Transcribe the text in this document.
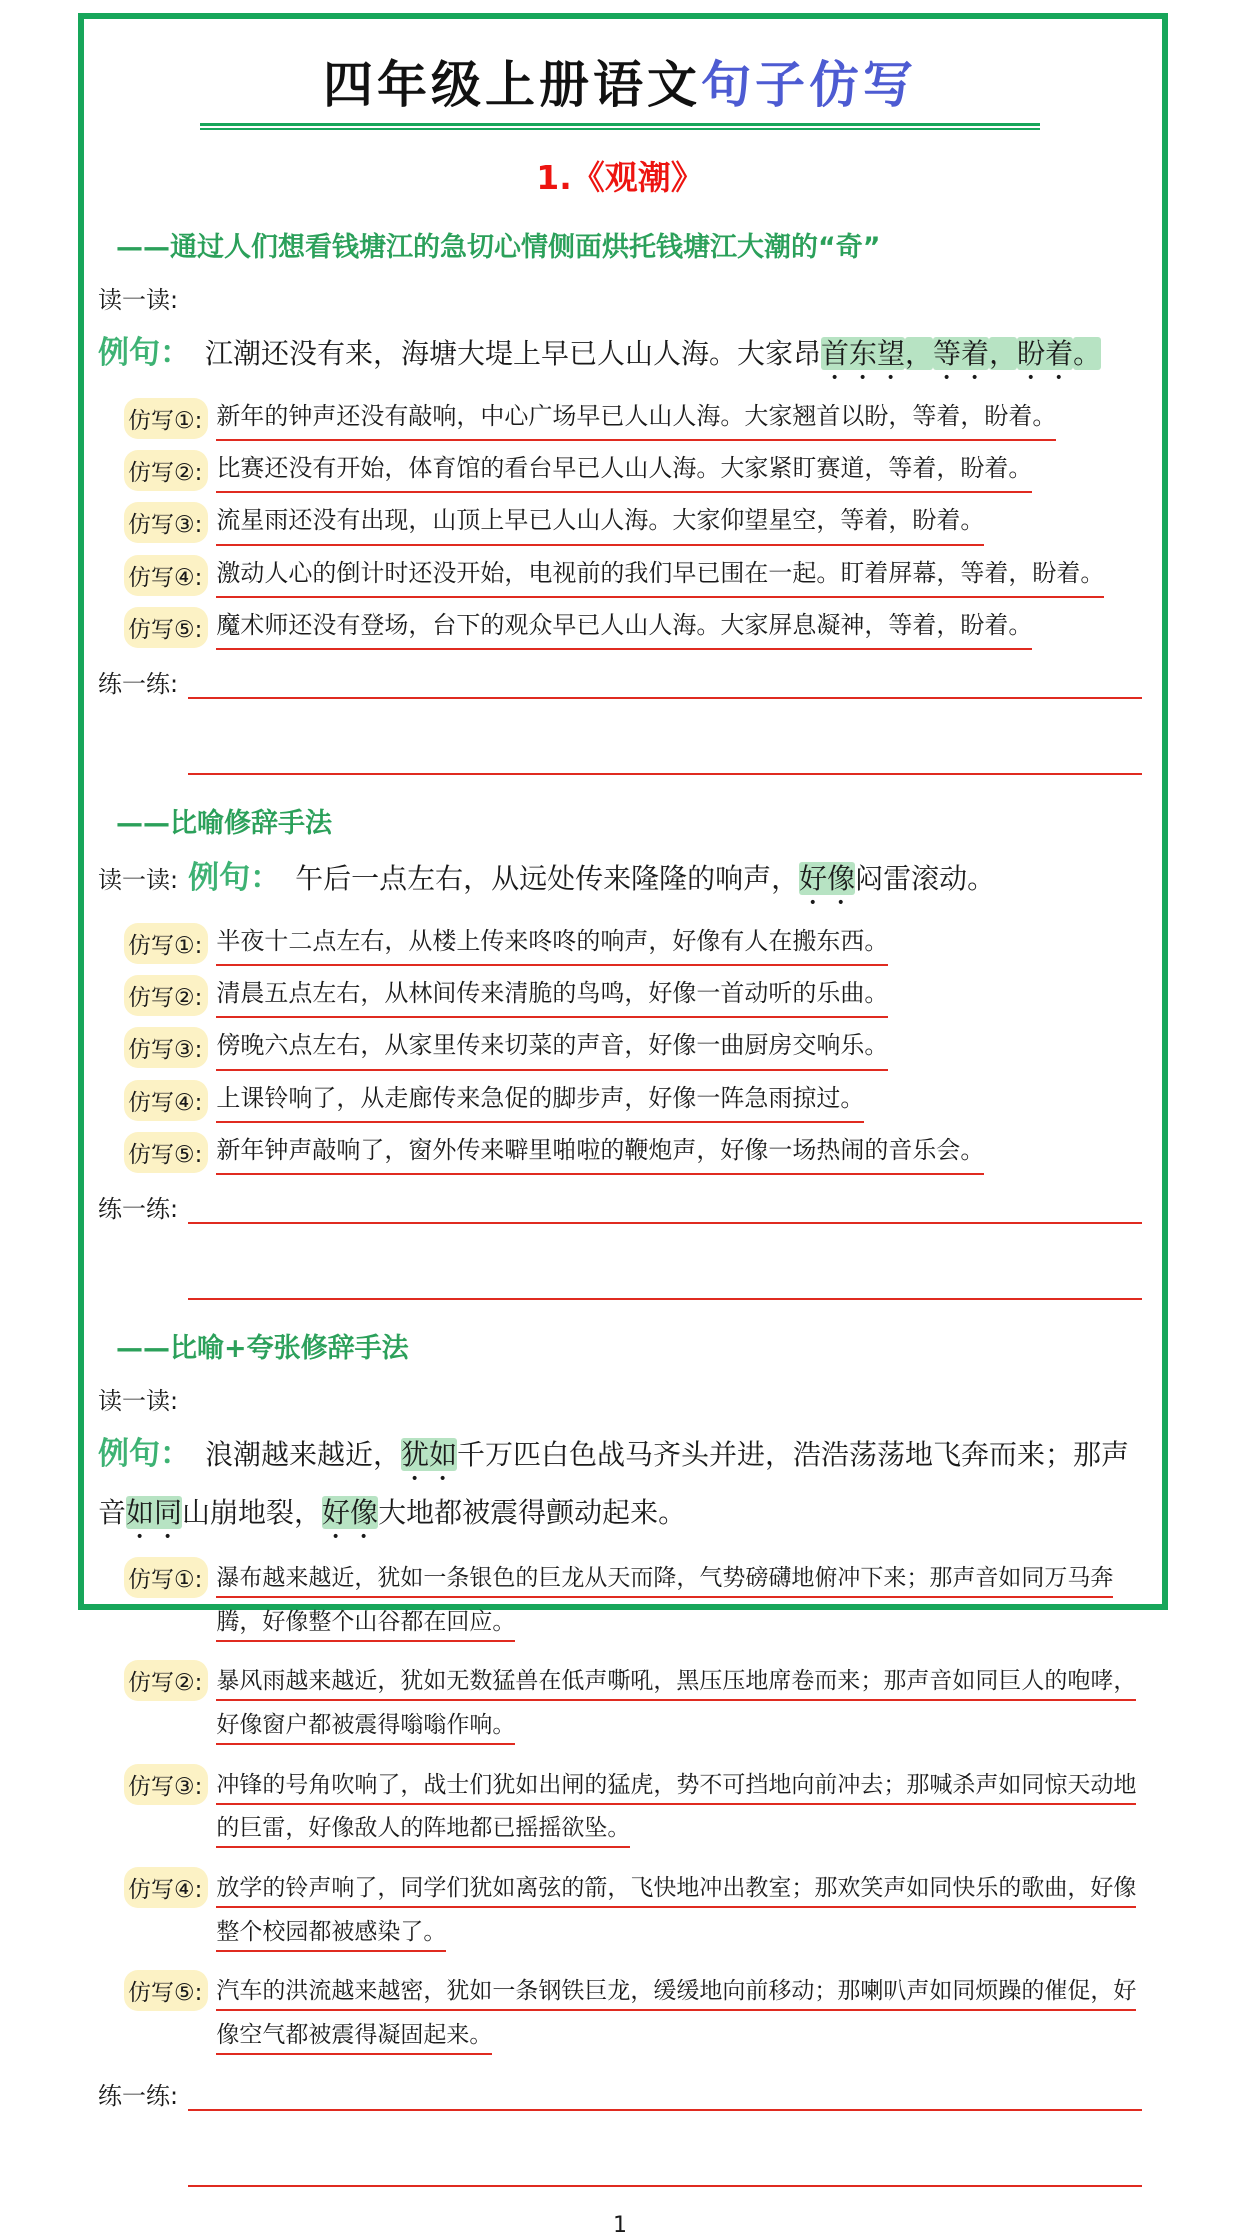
四年级上册语文句子仿写
1.《观潮》
——通过人们想看钱塘江的急切心情侧面烘托钱塘江大潮的“奇”
读一读:
例句： 江潮还没有来，海塘大堤上早已人山人海。大家昂首东望，等着，盼着。
仿写①: 新年的钟声还没有敲响，中心广场早已人山人海。大家翘首以盼，等着，盼着。
仿写②: 比赛还没有开始，体育馆的看台早已人山人海。大家紧盯赛道，等着，盼着。
仿写③: 流星雨还没有出现，山顶上早已人山人海。大家仰望星空，等着，盼着。
仿写④: 激动人心的倒计时还没开始，电视前的我们早已围在一起。盯着屏幕，等着，盼着。
仿写⑤: 魔术师还没有登场，台下的观众早已人山人海。大家屏息凝神，等着，盼着。
练一练:
——比喻修辞手法
读一读: 例句： 午后一点左右，从远处传来隆隆的响声，好像闷雷滚动。
仿写①: 半夜十二点左右，从楼上传来咚咚的响声，好像有人在搬东西。
仿写②: 清晨五点左右，从林间传来清脆的鸟鸣，好像一首动听的乐曲。
仿写③: 傍晚六点左右，从家里传来切菜的声音，好像一曲厨房交响乐。
仿写④: 上课铃响了，从走廊传来急促的脚步声，好像一阵急雨掠过。
仿写⑤: 新年钟声敲响了，窗外传来噼里啪啦的鞭炮声，好像一场热闹的音乐会。
练一练:
——比喻+夸张修辞手法
读一读:
例句： 浪潮越来越近，犹如千万匹白色战马齐头并进，浩浩荡荡地飞奔而来；那声音如同山崩地裂，好像大地都被震得颤动起来。
仿写①: 瀑布越来越近，犹如一条银色的巨龙从天而降，气势磅礴地俯冲下来；那声音如同万马奔腾，好像整个山谷都在回应。
仿写②: 暴风雨越来越近，犹如无数猛兽在低声嘶吼，黑压压地席卷而来；那声音如同巨人的咆哮，好像窗户都被震得嗡嗡作响。
仿写③: 冲锋的号角吹响了，战士们犹如出闸的猛虎，势不可挡地向前冲去；那喊杀声如同惊天动地的巨雷，好像敌人的阵地都已摇摇欲坠。
仿写④: 放学的铃声响了，同学们犹如离弦的箭，飞快地冲出教室；那欢笑声如同快乐的歌曲，好像整个校园都被感染了。
仿写⑤: 汽车的洪流越来越密，犹如一条钢铁巨龙，缓缓地向前移动；那喇叭声如同烦躁的催促，好像空气都被震得凝固起来。
练一练:
1
